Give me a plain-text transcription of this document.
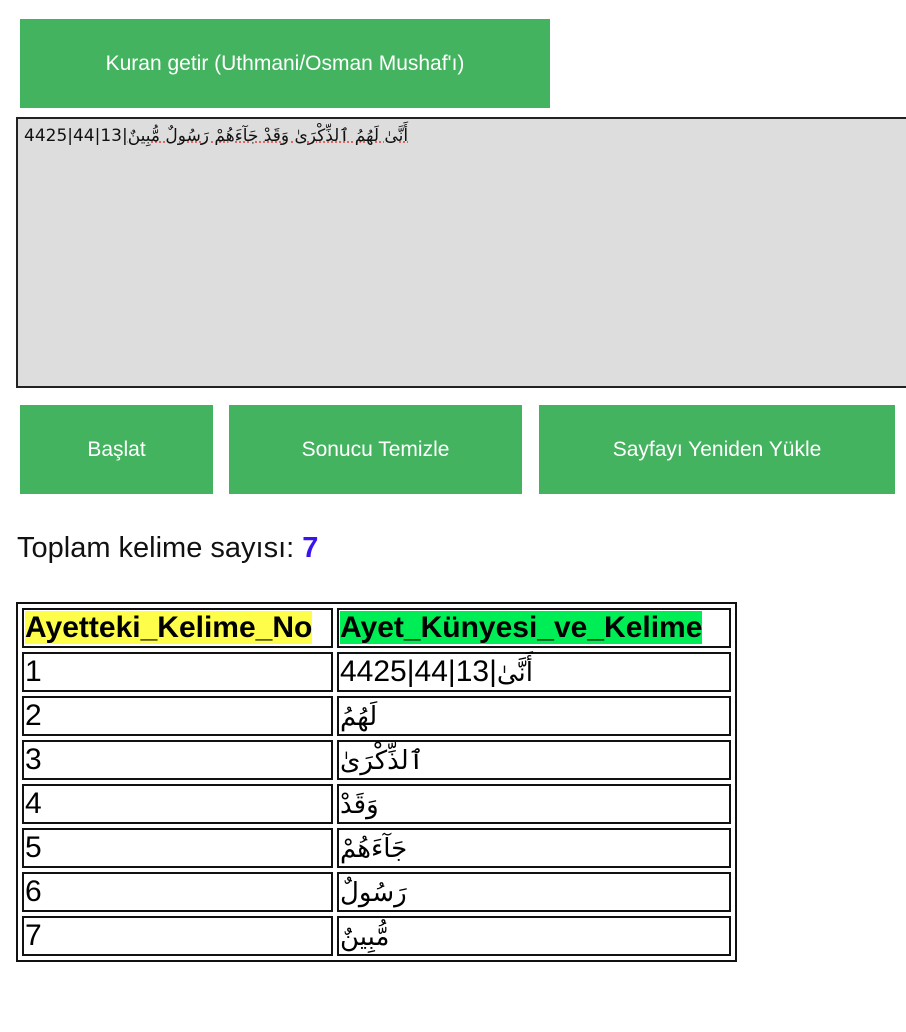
Kuran getir (Uthmani/Osman Mushaf'ı)
4425|44|13|أَنَّىٰ لَهُمُ ٱلذِّكْرَىٰ وَقَدْ جَآءَهُمْ رَسُولٌ مُّبِينٌ
Başlat	Sonucu Temizle	Sayfayı Yeniden Yükle
Toplam kelime sayısı: 7
Ayetteki_Kelime_No	Ayet_Künyesi_ve_Kelime
1	4425|44|13|أَنَّىٰ
2	لَهُمُ
3	ٱلذِّكْرَىٰ
4	وَقَدْ
5	جَآءَهُمْ
6	رَسُولٌ
7	مُّبِينٌ
